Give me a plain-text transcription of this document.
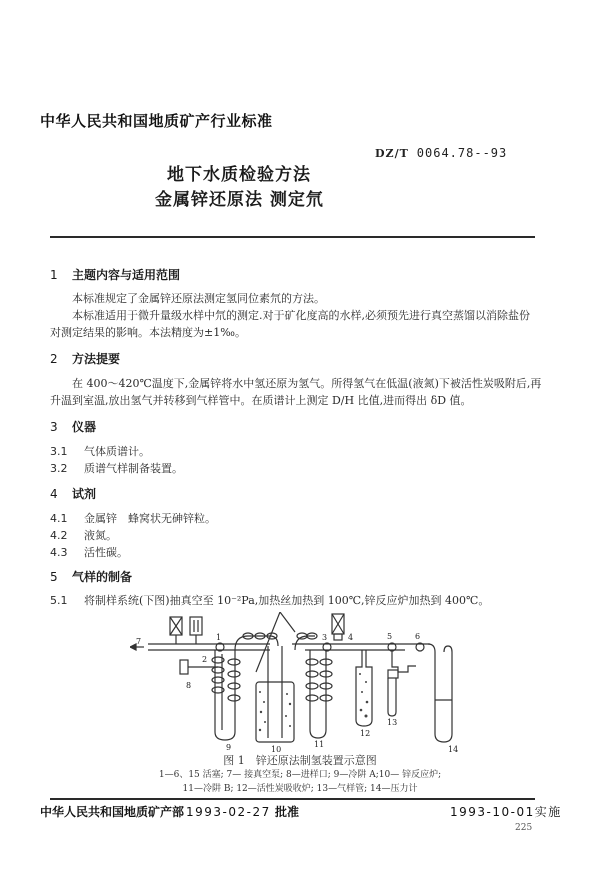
中华人民共和国地质矿产行业标准
DZ/T 0064.78--93
地下水质检验方法
金属锌还原法 测定氘
1 主题内容与适用范围
本标准规定了金属锌还原法测定氢同位素氘的方法。
本标准适用于微升量级水样中氘的测定.对于矿化度高的水样,必须预先进行真空蒸馏以消除盐份
对测定结果的影响。本法精度为±1‰。
2 方法提要
在 400～420℃温度下,金属锌将水中氢还原为氢气。所得氢气在低温(液氮)下被活性炭吸附后,再
升温到室温,放出氢气并转移到气样管中。在质谱计上测定 D/H 比值,进而得出 δD 值。
3 仪器
3.1 气体质谱计。
3.2 质谱气样制备装置。
4 试剂
4.1 金属锌　蜂窝状无砷锌粒。
4.2 液氮。
4.3 活性碳。
5 气样的制备
5.1 将制样系统(下图)抽真空至 10⁻²Pa,加热丝加热到 100℃,锌反应炉加热到 400℃。
1
2
3	4	5	6
7
8
9	10
11
12
13
14
图 1　锌还原法制氢装置示意图
1—6、15 活塞; 7— 接真空泵; 8—进样口; 9—冷阱 A;10— 锌反应炉;
11—冷阱 B; 12—活性炭吸收炉; 13—气样管; 14—压力计
中华人民共和国地质矿产部 1993-02-27 批准	1993-10-01实施
225
